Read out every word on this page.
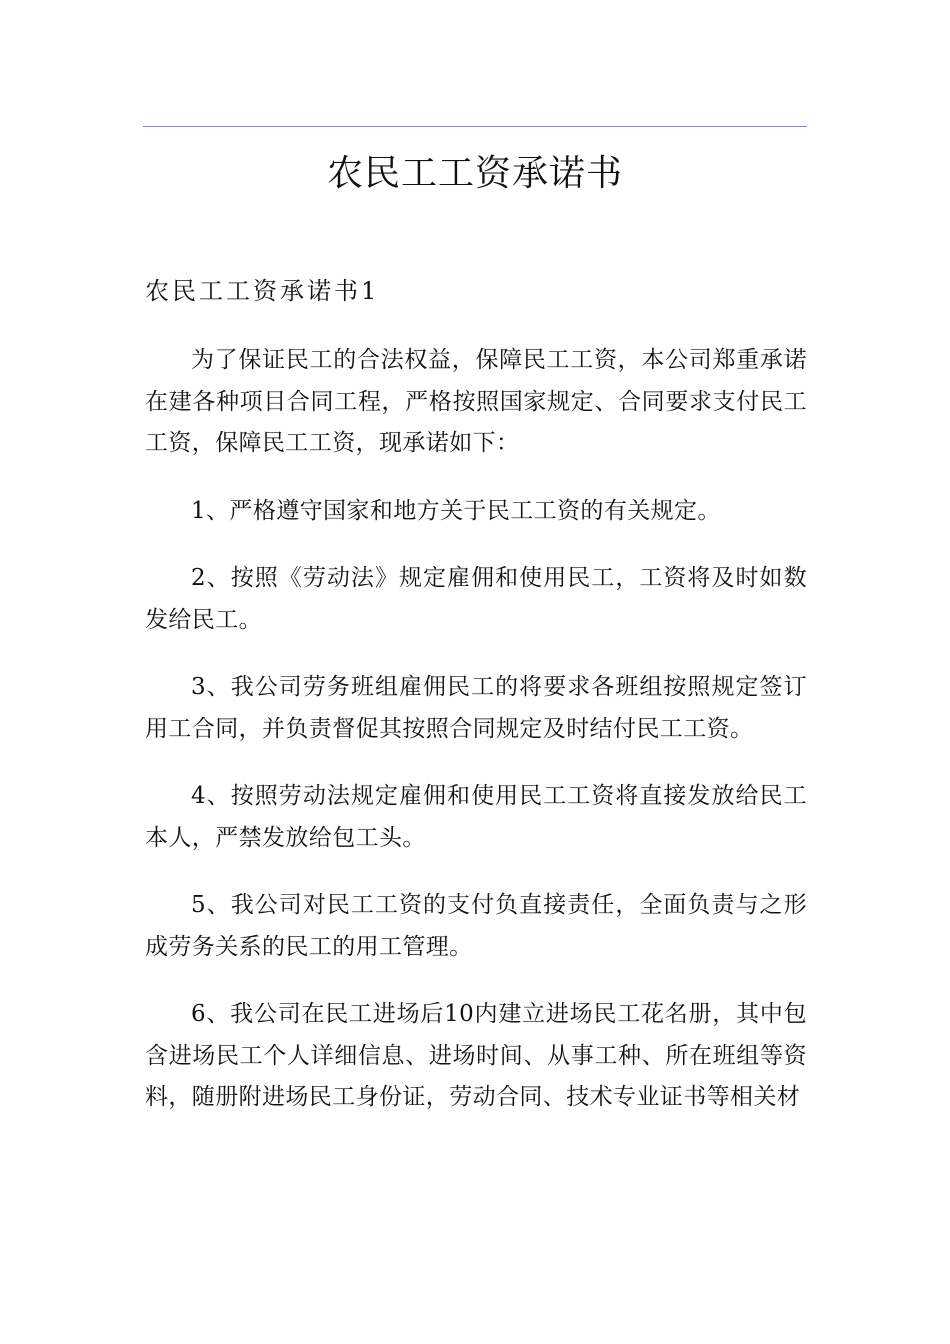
农民工工资承诺书
农民工工资承诺书1

为了保证民工的合法权益，保障民工工资，本公司郑重承诺在建各种项目合同工程，严格按照国家规定、合同要求支付民工工资，保障民工工资，现承诺如下：

1、严格遵守国家和地方关于民工工资的有关规定。

2、按照《劳动法》规定雇佣和使用民工，工资将及时如数发给民工。

3、我公司劳务班组雇佣民工的将要求各班组按照规定签订用工合同，并负责督促其按照合同规定及时结付民工工资。

4、按照劳动法规定雇佣和使用民工工资将直接发放给民工本人，严禁发放给包工头。

5、我公司对民工工资的支付负直接责任，全面负责与之形成劳务关系的民工的用工管理。

6、我公司在民工进场后10内建立进场民工花名册，其中包含进场民工个人详细信息、进场时间、从事工种、所在班组等资料，随册附进场民工身份证，劳动合同、技术专业证书等相关材
